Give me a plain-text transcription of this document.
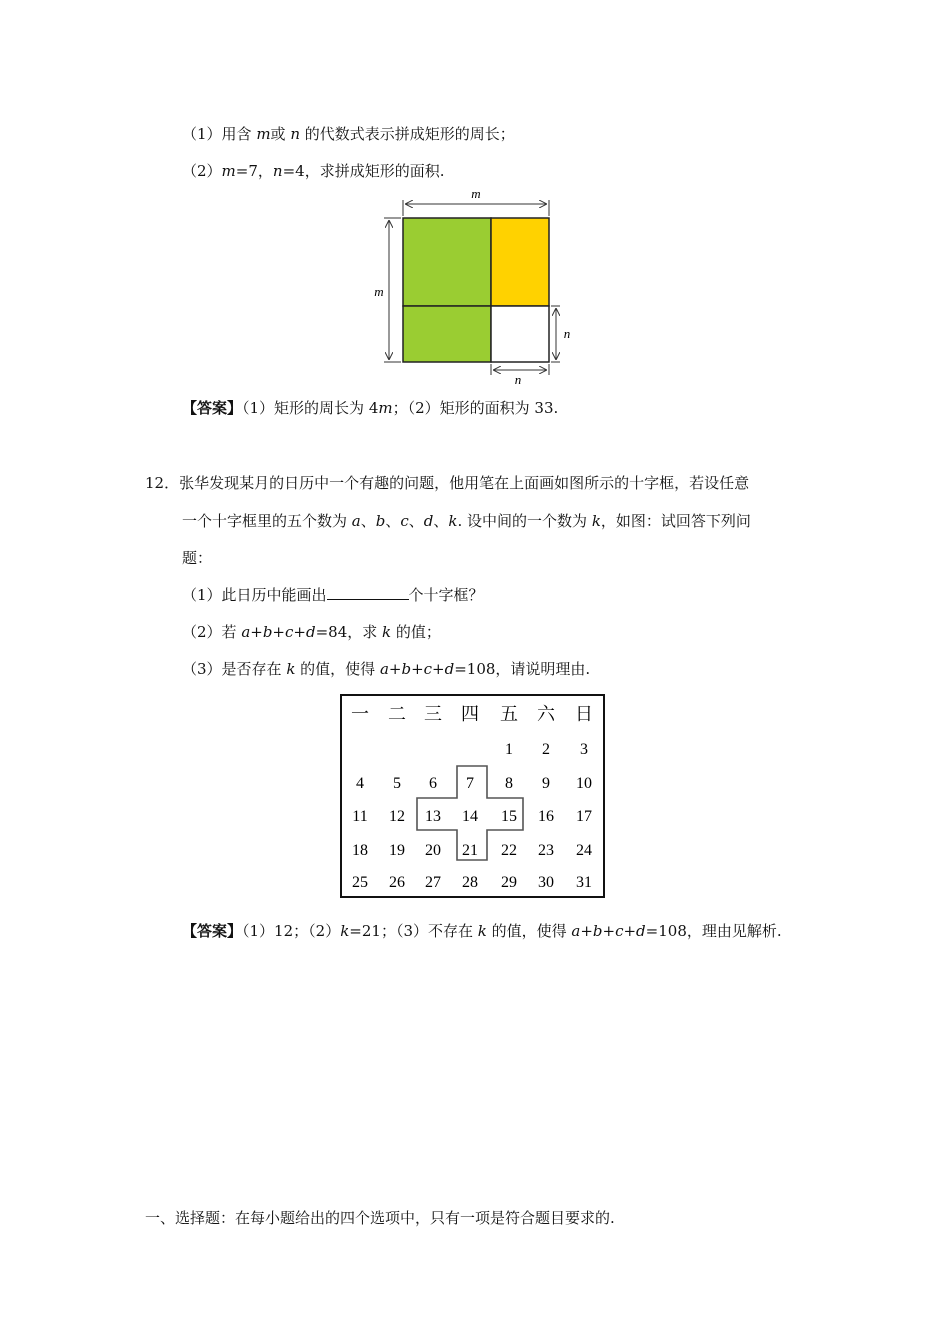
（1）用含 m或 n 的代数式表示拼成矩形的周长；
（2）m=7，n=4，求拼成矩形的面积.
m
m
n
n
【答案】（1）矩形的周长为 4m；（2）矩形的面积为 33.
12．张华发现某月的日历中一个有趣的问题，他用笔在上面画如图所示的十字框，若设任意
一个十字框里的五个数为 a、b、c、d、k. 设中间的一个数为 k，如图：试回答下列问
题：
（1）此日历中能画出	个十字框？
（2）若 a+b+c+d=84，求 k 的值；
（3）是否存在 k 的值，使得 a+b+c+d=108，请说明理由.
一 二 三 四 五 六 日
1 2 3
4 5 6 7 8 9 10
11 12 13 14 15 16 17
18 19 20 21 22 23 24
25 26 27 28 29 30 31
【答案】（1）12；（2）k=21；（3）不存在 k 的值，使得 a+b+c+d=108，理由见解析.
一、选择题：在每小题给出的四个选项中，只有一项是符合题目要求的.
